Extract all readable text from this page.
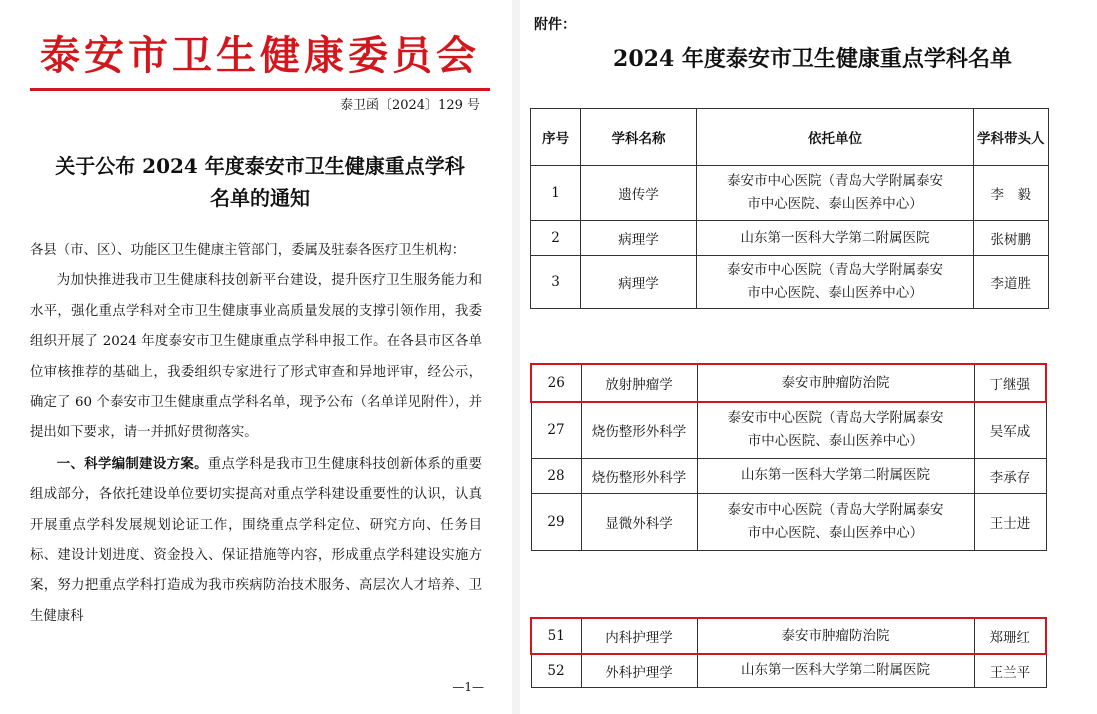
泰安市卫生健康委员会
泰卫函〔2024〕129 号
关于公布 2024 年度泰安市卫生健康重点学科
名单的通知

各县（市、区）、功能区卫生健康主管部门，委属及驻泰各医疗卫生机构：

为加快推进我市卫生健康科技创新平台建设，提升医疗卫生服务能力和水平，强化重点学科对全市卫生健康事业高质量发展的支撑引领作用，我委组织开展了 2024 年度泰安市卫生健康重点学科申报工作。在各县市区各单位审核推荐的基础上，我委组织专家进行了形式审查和异地评审，经公示，确定了 60 个泰安市卫生健康重点学科名单，现予公布（名单详见附件），并提出如下要求，请一并抓好贯彻落实。

一、科学编制建设方案。重点学科是我市卫生健康科技创新体系的重要组成部分，各依托建设单位要切实提高对重点学科建设重要性的认识，认真开展重点学科发展规划论证工作，围绕重点学科定位、研究方向、任务目标、建设计划进度、资金投入、保证措施等内容，形成重点学科建设实施方案，努力把重点学科打造成为我市疾病防治技术服务、高层次人才培养、卫生健康科

—1—
附件：
2024 年度泰安市卫生健康重点学科名单
序号	学科名称	依托单位	学科带头人
1	遗传学	泰安市中心医院（青岛大学附属泰安
市中心医院、泰山医养中心）	李　毅
2	病理学	山东第一医科大学第二附属医院	张树鹏
3	病理学	泰安市中心医院（青岛大学附属泰安
市中心医院、泰山医养中心）	李道胜
26	放射肿瘤学	泰安市肿瘤防治院	丁继强
27	烧伤整形外科学	泰安市中心医院（青岛大学附属泰安
市中心医院、泰山医养中心）	吴军成
28	烧伤整形外科学	山东第一医科大学第二附属医院	李承存
29	显微外科学	泰安市中心医院（青岛大学附属泰安
市中心医院、泰山医养中心）	王士进
51	内科护理学	泰安市肿瘤防治院	郑珊红
52	外科护理学	山东第一医科大学第二附属医院	王兰平
